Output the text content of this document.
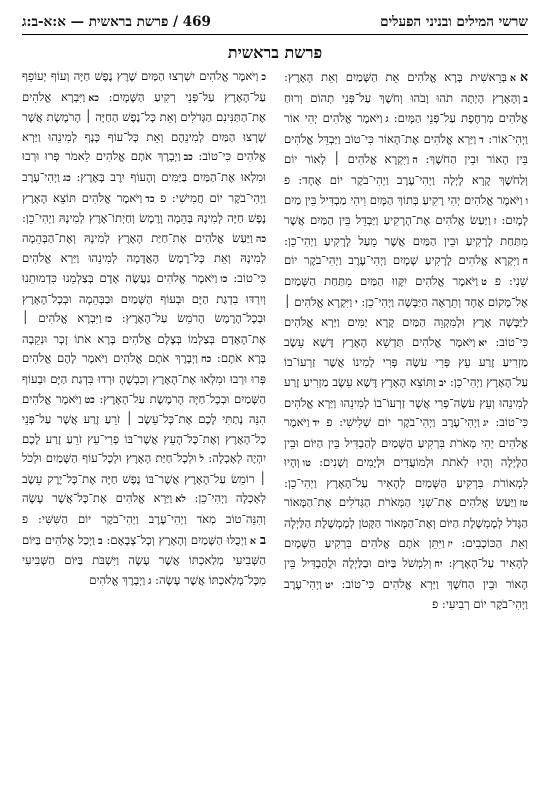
שרשי המילים ובניני הפעלים
469 / פרשת בראשית — א:א-ב:ג
פרשת בראשית
אאבְּרֵאשִׁית בָּרָא אֱלֹהִים אֵת הַשָּׁמַיִם וְאֵת הָאָרֶץ: בוְהָאָרֶץ הָיְתָה תֹהוּ וָבֹהוּ וְחֹשֶׁךְ עַל־פְּנֵי תְהוֹם וְרוּחַ אֱלֹהִים מְרַחֶפֶת עַל־פְּנֵי הַמָּיִם: גוַיֹּאמֶר אֱלֹהִים יְהִי אוֹר וַיְהִי־אוֹר: דוַיַּרְא אֱלֹהִים אֶת־הָאוֹר כִּי־טוֹב וַיַּבְדֵּל אֱלֹהִים בֵּין הָאוֹר וּבֵין הַחֹשֶׁךְ: הוַיִּקְרָא אֱלֹהִים ׀ לָאוֹר יוֹם וְלַחֹשֶׁךְ קָרָא לָיְלָה וַיְהִי־עֶרֶב וַיְהִי־בֹקֶר יוֹם אֶחָד: פ ווַיֹּאמֶר אֱלֹהִים יְהִי רָקִיעַ בְּתוֹךְ הַמָּיִם וִיהִי מַבְדִּיל בֵּין מַיִם לָמָיִם: זוַיַּעַשׂ אֱלֹהִים אֶת־הָרָקִיעַ וַיַּבְדֵּל בֵּין הַמַּיִם אֲשֶׁר מִתַּחַת לָרָקִיעַ וּבֵין הַמַּיִם אֲשֶׁר מֵעַל לָרָקִיעַ וַיְהִי־כֵן: חוַיִּקְרָא אֱלֹהִים לָרָקִיעַ שָׁמָיִם וַיְהִי־עֶרֶב וַיְהִי־בֹקֶר יוֹם שֵׁנִי: פ טוַיֹּאמֶר אֱלֹהִים יִקָּווּ הַמַּיִם מִתַּחַת הַשָּׁמַיִם אֶל־מָקוֹם אֶחָד וְתֵרָאֶה הַיַּבָּשָׁה וַיְהִי־כֵן: יוַיִּקְרָא אֱלֹהִים ׀ לַיַּבָּשָׁה אֶרֶץ וּלְמִקְוֵה הַמַּיִם קָרָא יַמִּים וַיַּרְא אֱלֹהִים כִּי־טוֹב: יאוַיֹּאמֶר אֱלֹהִים תַּדְשֵׁא הָאָרֶץ דֶּשֶׁא עֵשֶׂב מַזְרִיעַ זֶרַע עֵץ פְּרִי עֹשֶׂה פְּרִי לְמִינוֹ אֲשֶׁר זַרְעוֹ־בוֹ עַל־הָאָרֶץ וַיְהִי־כֵן: יבוַתּוֹצֵא הָאָרֶץ דֶּשֶׁא עֵשֶׂב מַזְרִיעַ זֶרַע לְמִינֵהוּ וְעֵץ עֹשֶׂה־פְּרִי אֲשֶׁר זַרְעוֹ־בוֹ לְמִינֵהוּ וַיַּרְא אֱלֹהִים כִּי־טוֹב: יגוַיְהִי־עֶרֶב וַיְהִי־בֹקֶר יוֹם שְׁלִישִׁי: פ ידוַיֹּאמֶר אֱלֹהִים יְהִי מְאֹרֹת בִּרְקִיעַ הַשָּׁמַיִם לְהַבְדִּיל בֵּין הַיּוֹם וּבֵין הַלָּיְלָה וְהָיוּ לְאֹתֹת וּלְמוֹעֲדִים וּלְיָמִים וְשָׁנִים: טווְהָיוּ לִמְאוֹרֹת בִּרְקִיעַ הַשָּׁמַיִם לְהָאִיר עַל־הָאָרֶץ וַיְהִי־כֵן: טזוַיַּעַשׂ אֱלֹהִים אֶת־שְׁנֵי הַמְּאֹרֹת הַגְּדֹלִים אֶת־הַמָּאוֹר הַגָּדֹל לְמֶמְשֶׁלֶת הַיּוֹם וְאֶת־הַמָּאוֹר הַקָּטֹן לְמֶמְשֶׁלֶת הַלַּיְלָה וְאֵת הַכּוֹכָבִים: יזוַיִּתֵּן אֹתָם אֱלֹהִים בִּרְקִיעַ הַשָּׁמָיִם לְהָאִיר עַל־הָאָרֶץ: יחוְלִמְשֹׁל בַּיּוֹם וּבַלַּיְלָה וּלֲהַבְדִּיל בֵּין הָאוֹר וּבֵין הַחֹשֶׁךְ וַיַּרְא אֱלֹהִים כִּי־טוֹב: יטוַיְהִי־עֶרֶב וַיְהִי־בֹקֶר יוֹם רְבִיעִי: פ
כוַיֹּאמֶר אֱלֹהִים יִשְׁרְצוּ הַמַּיִם שֶׁרֶץ נֶפֶשׁ חַיָּה וְעוֹף יְעוֹפֵף עַל־הָאָרֶץ עַל־פְּנֵי רְקִיעַ הַשָּׁמָיִם: כאוַיִּבְרָא אֱלֹהִים אֶת־הַתַּנִּינִם הַגְּדֹלִים וְאֵת כָּל־נֶפֶשׁ הַחַיָּה ׀ הָרֹמֶשֶׂת אֲשֶׁר שָׁרְצוּ הַמַּיִם לְמִינֵהֶם וְאֵת כָּל־עוֹף כָּנָף לְמִינֵהוּ וַיַּרְא אֱלֹהִים כִּי־טוֹב: כבוַיְבָרֶךְ אֹתָם אֱלֹהִים לֵאמֹר פְּרוּ וּרְבוּ וּמִלְאוּ אֶת־הַמַּיִם בַּיַּמִּים וְהָעוֹף יִרֶב בָּאָרֶץ: כגוַיְהִי־עֶרֶב וַיְהִי־בֹקֶר יוֹם חֲמִישִׁי: פ כדוַיֹּאמֶר אֱלֹהִים תּוֹצֵא הָאָרֶץ נֶפֶשׁ חַיָּה לְמִינָהּ בְּהֵמָה וָרֶמֶשׂ וְחַיְתוֹ־אֶרֶץ לְמִינָהּ וַיְהִי־כֵן: כהוַיַּעַשׂ אֱלֹהִים אֶת־חַיַּת הָאָרֶץ לְמִינָהּ וְאֶת־הַבְּהֵמָה לְמִינָהּ וְאֵת כָּל־רֶמֶשׂ הָאֲדָמָה לְמִינֵהוּ וַיַּרְא אֱלֹהִים כִּי־טוֹב: כווַיֹּאמֶר אֱלֹהִים נַעֲשֶׂה אָדָם בְּצַלְמֵנוּ כִּדְמוּתֵנוּ וְיִרְדּוּ בִדְגַת הַיָּם וּבְעוֹף הַשָּׁמַיִם וּבַבְּהֵמָה וּבְכָל־הָאָרֶץ וּבְכָל־הָרֶמֶשׂ הָרֹמֵשׂ עַל־הָאָרֶץ: כזוַיִּבְרָא אֱלֹהִים ׀ אֶת־הָאָדָם בְּצַלְמוֹ בְּצֶלֶם אֱלֹהִים בָּרָא אֹתוֹ זָכָר וּנְקֵבָה בָּרָא אֹתָם: כחוַיְבָרֶךְ אֹתָם אֱלֹהִים וַיֹּאמֶר לָהֶם אֱלֹהִים פְּרוּ וּרְבוּ וּמִלְאוּ אֶת־הָאָרֶץ וְכִבְשֻׁהָ וּרְדוּ בִּדְגַת הַיָּם וּבְעוֹף הַשָּׁמַיִם וּבְכָל־חַיָּה הָרֹמֶשֶׂת עַל־הָאָרֶץ: כטוַיֹּאמֶר אֱלֹהִים הִנֵּה נָתַתִּי לָכֶם אֶת־כָּל־עֵשֶׂב ׀ זֹרֵעַ זֶרַע אֲשֶׁר עַל־פְּנֵי כָל־הָאָרֶץ וְאֶת־כָּל־הָעֵץ אֲשֶׁר־בּוֹ פְרִי־עֵץ זֹרֵעַ זָרַע לָכֶם יִהְיֶה לְאָכְלָה: לוּלְכָל־חַיַּת הָאָרֶץ וּלְכָל־עוֹף הַשָּׁמַיִם וּלְכֹל ׀ רוֹמֵשׂ עַל־הָאָרֶץ אֲשֶׁר־בּוֹ נֶפֶשׁ חַיָּה אֶת־כָּל־יֶרֶק עֵשֶׂב לְאָכְלָה וַיְהִי־כֵן: לאוַיַּרְא אֱלֹהִים אֶת־כָּל־אֲשֶׁר עָשָׂה וְהִנֵּה־טוֹב מְאֹד וַיְהִי־עֶרֶב וַיְהִי־בֹקֶר יוֹם הַשִּׁשִּׁי: פ באוַיְכֻלּוּ הַשָּׁמַיִם וְהָאָרֶץ וְכָל־צְבָאָם: בוַיְכַל אֱלֹהִים בַּיּוֹם הַשְּׁבִיעִי מְלַאכְתּוֹ אֲשֶׁר עָשָׂה וַיִּשְׁבֹּת בַּיּוֹם הַשְּׁבִיעִי מִכָּל־מְלַאכְתּוֹ אֲשֶׁר עָשָׂה: גוַיְבָרֶךְ אֱלֹהִים
